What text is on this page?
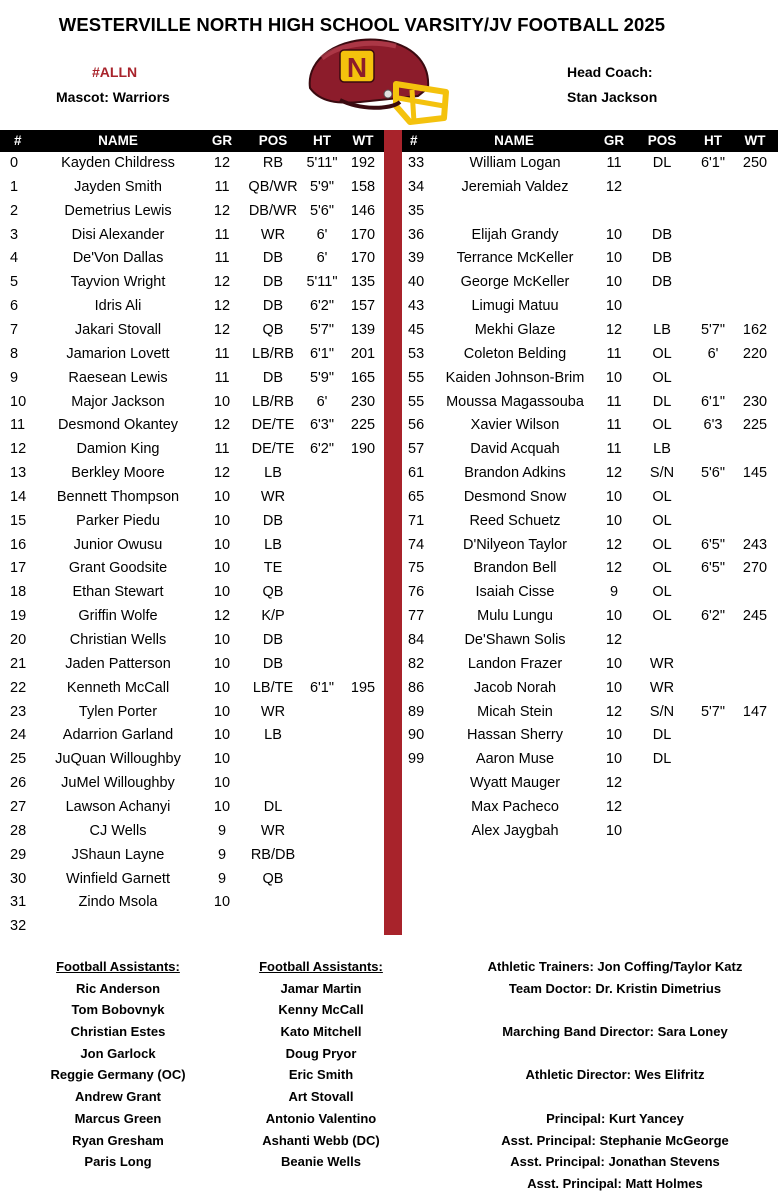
WESTERVILLE NORTH HIGH SCHOOL VARSITY/JV FOOTBALL 2025
#ALLN
Mascot: Warriors
Head Coach:
Stan Jackson
N
#	NAME	GR	POS	HT	WT	#	NAME	GR	POS	HT	WT
0	Kayden Childress	12	RB	5'11" 192
1	Jayden Smith	11	QB/WR 5'9"	158
2	Demetrius Lewis	12	DB/WR 5'6"	146
3	Disi Alexander	11	WR	6'	170
4	De'Von Dallas	11	DB	6'	170
5	Tayvion Wright	12	DB	5'11" 135
6	Idris Ali	12	DB	6'2"	157
7	Jakari Stovall	12	QB	5'7"	139
8	Jamarion Lovett	11	LB/RB	6'1"	201
9	Raesean Lewis	11	DB	5'9"	165
10	Major Jackson	10	LB/RB	6'	230
11	Desmond Okantey	12	DE/TE	6'3"	225
12	Damion King	11	DE/TE	6'2"	190
13	Berkley Moore	12	LB
14	Bennett Thompson	10	WR
15	Parker Piedu	10	DB
16	Junior Owusu	10	LB
17	Grant Goodsite	10	TE
18	Ethan Stewart	10	QB
19	Griffin Wolfe	12	K/P
20	Christian Wells	10	DB
21	Jaden Patterson	10	DB
22	Kenneth McCall	10	LB/TE	6'1"	195
23	Tylen Porter	10	WR
24	Adarrion Garland	10	LB
25	JuQuan Willoughby	10
26	JuMel Willoughby	10
27	Lawson Achanyi	10	DL
28	CJ Wells	9	WR
29	JShaun Layne	9	RB/DB
30	Winfield Garnett	9	QB
31	Zindo Msola	10
32
33	William Logan	11	DL	6'1"	250
34	Jeremiah Valdez	12
35
36	Elijah Grandy	10	DB
39	Terrance McKeller	10	DB
40	George McKeller	10	DB
43	Limugi Matuu	10
45	Mekhi Glaze	12	LB	5'7"	162
53	Coleton Belding	11	OL	6'	220
55	Kaiden Johnson-Brim	10	OL
55	Moussa Magassouba	11	DL	6'1"	230
56	Xavier Wilson	11	OL	6'3	225
57	David Acquah	11	LB
61	Brandon Adkins	12	S/N	5'6"	145
65	Desmond Snow	10	OL
71	Reed Schuetz	10	OL
74	D'Nilyeon Taylor	12	OL	6'5"	243
75	Brandon Bell	12	OL	6'5"	270
76	Isaiah Cisse	9	OL
77	Mulu Lungu	10	OL	6'2"	245
84	De'Shawn Solis	12
82	Landon Frazer	10	WR
86	Jacob Norah	10	WR
89	Micah Stein	12	S/N	5'7"	147
90	Hassan Sherry	10	DL
99	Aaron Muse	10	DL
Wyatt Mauger	12
Max Pacheco	12
Alex Jaygbah	10
Football Assistants:
Ric Anderson
Tom Bobovnyk
Christian Estes
Jon Garlock
Reggie Germany (OC)
Andrew Grant
Marcus Green
Ryan Gresham
Paris Long
Football Assistants:
Jamar Martin
Kenny McCall
Kato Mitchell
Doug Pryor
Eric Smith
Art Stovall
Antonio Valentino
Ashanti Webb (DC)
Beanie Wells
Athletic Trainers: Jon Coffing/Taylor Katz
Team Doctor: Dr. Kristin Dimetrius
Marching Band Director: Sara Loney
Athletic Director: Wes Elifritz
Principal: Kurt Yancey
Asst. Principal: Stephanie McGeorge
Asst. Principal: Jonathan Stevens
Asst. Principal: Matt Holmes
